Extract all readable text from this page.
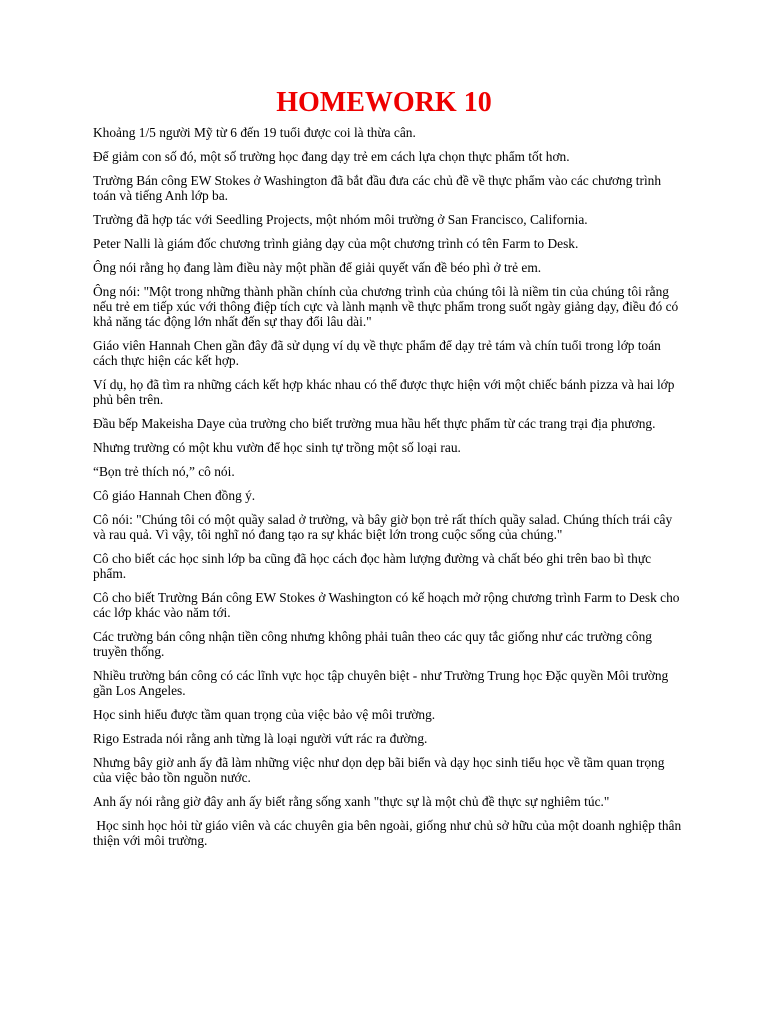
HOMEWORK 10

Khoảng 1/5 người Mỹ từ 6 đến 19 tuổi được coi là thừa cân.

Để giảm con số đó, một số trường học đang dạy trẻ em cách lựa chọn thực phẩm tốt hơn.

Trường Bán công EW Stokes ở Washington đã bắt đầu đưa các chủ đề về thực phẩm vào các chương trình toán và tiếng Anh lớp ba.

Trường đã hợp tác với Seedling Projects, một nhóm môi trường ở San Francisco, California.

Peter Nalli là giám đốc chương trình giảng dạy của một chương trình có tên Farm to Desk.

Ông nói rằng họ đang làm điều này một phần để giải quyết vấn đề béo phì ở trẻ em.

Ông nói: "Một trong những thành phần chính của chương trình của chúng tôi là niềm tin của chúng tôi rằng nếu trẻ em tiếp xúc với thông điệp tích cực và lành mạnh về thực phẩm trong suốt ngày giảng dạy, điều đó có khả năng tác động lớn nhất đến sự thay đổi lâu dài."

Giáo viên Hannah Chen gần đây đã sử dụng ví dụ về thực phẩm để dạy trẻ tám và chín tuổi trong lớp toán cách thực hiện các kết hợp.

Ví dụ, họ đã tìm ra những cách kết hợp khác nhau có thể được thực hiện với một chiếc bánh pizza và hai lớp phủ bên trên.

Đầu bếp Makeisha Daye của trường cho biết trường mua hầu hết thực phẩm từ các trang trại địa phương.

Nhưng trường có một khu vườn để học sinh tự trồng một số loại rau.

“Bọn trẻ thích nó,” cô nói.

Cô giáo Hannah Chen đồng ý.

Cô nói: "Chúng tôi có một quầy salad ở trường, và bây giờ bọn trẻ rất thích quầy salad. Chúng thích trái cây và rau quả. Vì vậy, tôi nghĩ nó đang tạo ra sự khác biệt lớn trong cuộc sống của chúng."

Cô cho biết các học sinh lớp ba cũng đã học cách đọc hàm lượng đường và chất béo ghi trên bao bì thực phẩm.

Cô cho biết Trường Bán công EW Stokes ở Washington có kế hoạch mở rộng chương trình Farm to Desk cho các lớp khác vào năm tới.

Các trường bán công nhận tiền công nhưng không phải tuân theo các quy tắc giống như các trường công truyền thống.

Nhiều trường bán công có các lĩnh vực học tập chuyên biệt - như Trường Trung học Đặc quyền Môi trường gần Los Angeles.

Học sinh hiểu được tầm quan trọng của việc bảo vệ môi trường.

Rigo Estrada nói rằng anh từng là loại người vứt rác ra đường.

Nhưng bây giờ anh ấy đã làm những việc như dọn dẹp bãi biển và dạy học sinh tiểu học về tầm quan trọng của việc bảo tồn nguồn nước.

Anh ấy nói rằng giờ đây anh ấy biết rằng sống xanh "thực sự là một chủ đề thực sự nghiêm túc."

Học sinh học hỏi từ giáo viên và các chuyên gia bên ngoài, giống như chủ sở hữu của một doanh nghiệp thân thiện với môi trường.
